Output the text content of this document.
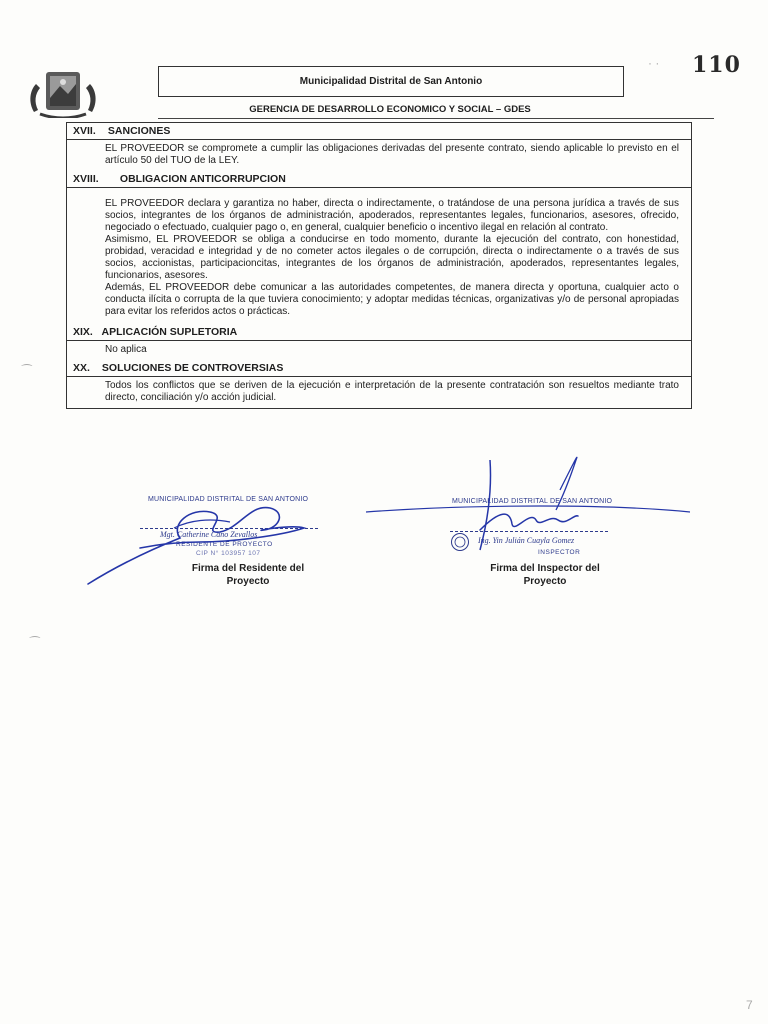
Municipalidad Distrital de San Antonio
GERENCIA DE DESARROLLO ECONOMICO Y SOCIAL – GDES
· · 110
XVII. SANCIONES

EL PROVEEDOR se compromete a cumplir las obligaciones derivadas del presente contrato, siendo aplicable lo previsto en el artículo 50 del TUO de la LEY.

XVIII. OBLIGACION ANTICORRUPCION

EL PROVEEDOR declara y garantiza no haber, directa o indirectamente, o tratándose de una persona jurídica a través de sus socios, integrantes de los órganos de administración, apoderados, representantes legales, funcionarios, asesores, ofrecido, negociado o efectuado, cualquier pago o, en general, cualquier beneficio o incentivo ilegal en relación al contrato.

Asimismo, EL PROVEEDOR se obliga a conducirse en todo momento, durante la ejecución del contrato, con honestidad, probidad, veracidad e integridad y de no cometer actos ilegales o de corrupción, directa o indirectamente o a través de sus socios, accionistas, participacioncitas, integrantes de los órganos de administración, apoderados, representantes legales, funcionarios, asesores.

Además, EL PROVEEDOR debe comunicar a las autoridades competentes, de manera directa y oportuna, cualquier acto o conducta ilícita o corrupta de la que tuviera conocimiento; y adoptar medidas técnicas, organizativas y/o de personal apropiadas para evitar los referidos actos o prácticas.

XIX. APLICACIÓN SUPLETORIA

No aplica

XX. SOLUCIONES DE CONTROVERSIAS

Todos los conflictos que se deriven de la ejecución e interpretación de la presente contratación son resueltos mediante trato directo, conciliación y/o acción judicial.

⁀
⁀
7
MUNICIPALIDAD DISTRITAL DE SAN ANTONIO
Mgt. Catherine Cano Zevallos
RESIDENTE DE PROYECTO
CIP N° 103957 107
Firma del Residente del
Proyecto
MUNICIPALIDAD DISTRITAL DE SAN ANTONIO
Ing. Yin Julián Cuayla Gomez
INSPECTOR
Firma del Inspector del
Proyecto
